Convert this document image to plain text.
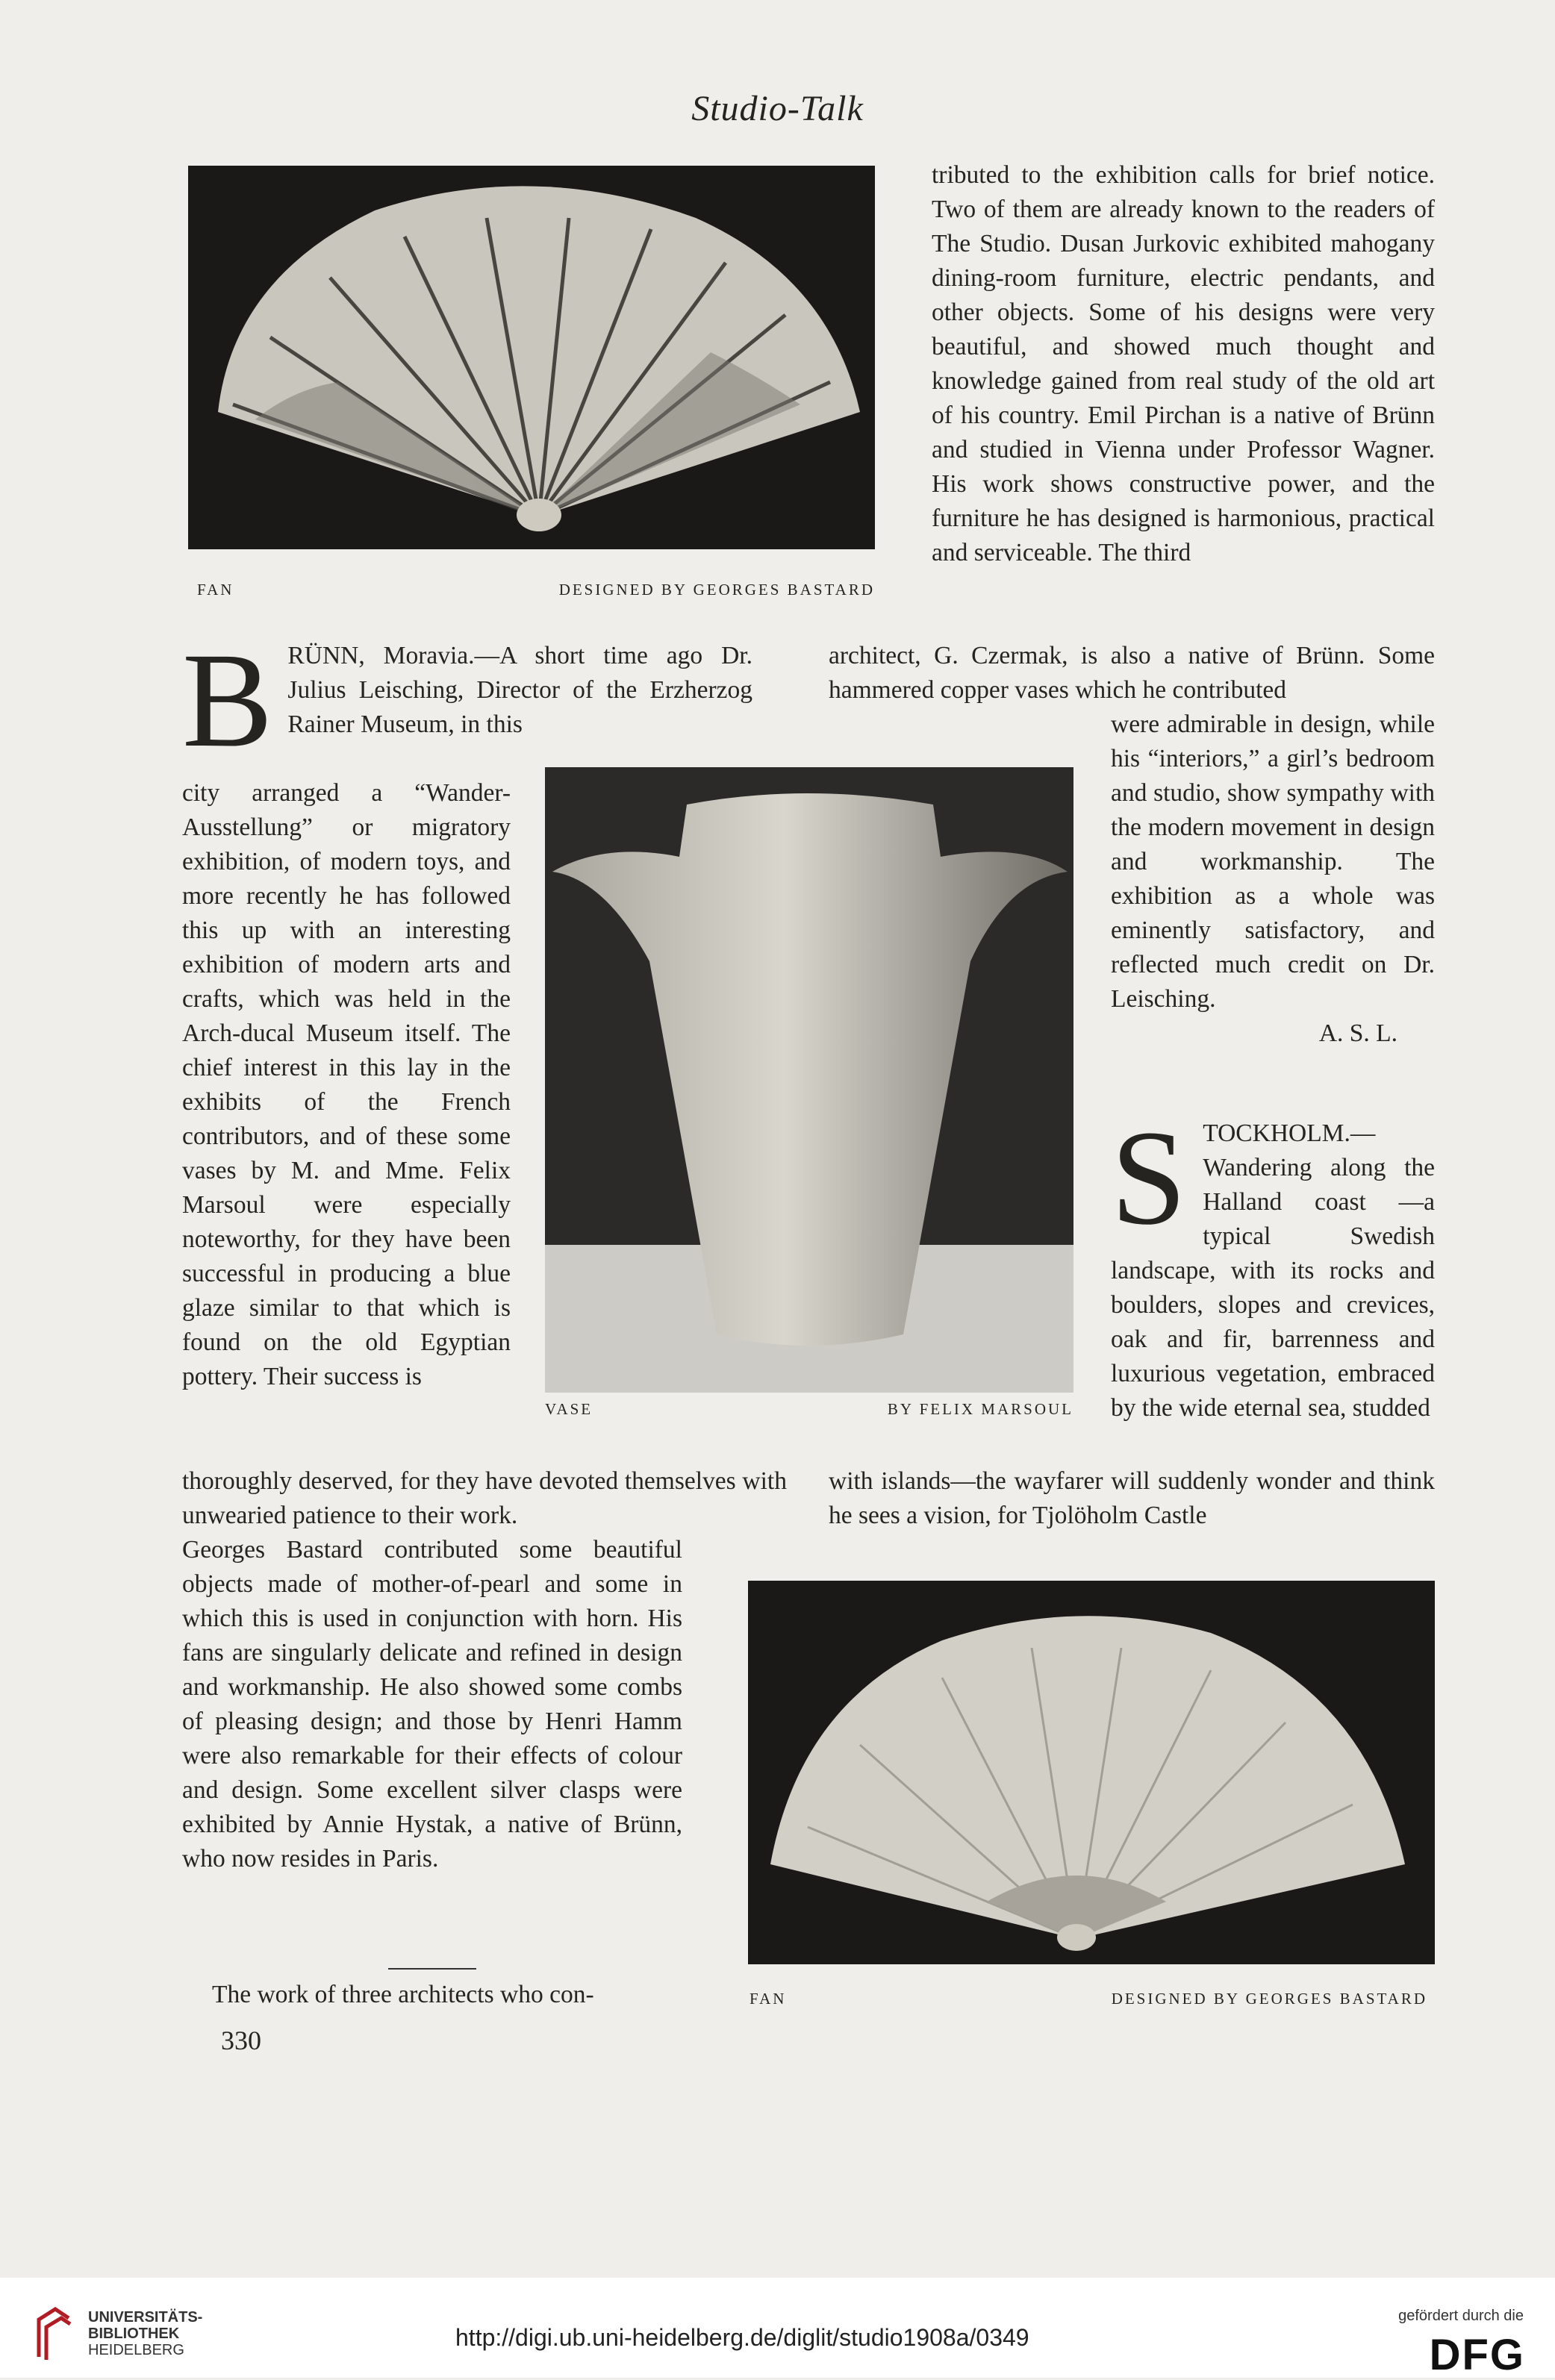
Studio-Talk
FAN	DESIGNED BY GEORGES BASTARD

tributed to the exhibition calls for brief notice. Two of them are already known to the readers of The Studio. Dusan Jurkovic exhibited mahogany dining-room furniture, electric pendants, and other objects. Some of his designs were very beautiful, and showed much thought and knowledge gained from real study of the old art of his country. Emil Pirchan is a native of Brünn and studied in Vienna under Professor Wagner. His work shows constructive power, and the furniture he has designed is harmonious, practical and serviceable. The third

architect, G. Czermak, is also a native of Brünn. Some hammered copper vases which he contributed

B RÜNN, Moravia.—A short time ago Dr. Julius Leisching, Director of the Erzherzog Rainer Museum, in this

city arranged a “Wander-Ausstellung” or migratory exhibition, of modern toys, and more recently he has followed this up with an interesting exhibition of modern arts and crafts, which was held in the Arch-ducal Museum itself. The chief interest in this lay in the exhibits of the French contributors, and of these some vases by M. and Mme. Felix Marsoul were especially noteworthy, for they have been successful in producing a blue glaze similar to that which is found on the old Egyptian pottery. Their success is

VASE	BY FELIX MARSOUL

were admirable in design, while his “interiors,” a girl’s bedroom and studio, show sympathy with the modern movement in design and workmanship. The exhibition as a whole was eminently satisfactory, and reflected much credit on Dr. Leisching.

A. S. L.

S TOCKHOLM.—Wandering along the Halland coast —a typical Swedish landscape, with its rocks and boulders, slopes and crevices, oak and fir, barrenness and luxurious vegetation, embraced by the wide eternal sea, studded

thoroughly deserved, for they have devoted themselves with unwearied patience to their work.

with islands—the wayfarer will suddenly wonder and think he sees a vision, for Tjolöholm Castle

Georges Bastard contributed some beautiful objects made of mother-of-pearl and some in which this is used in conjunction with horn. His fans are singularly delicate and refined in design and workmanship. He also showed some combs of pleasing design; and those by Henri Hamm were also remarkable for their effects of colour and design. Some excellent silver clasps were exhibited by Annie Hystak, a native of Brünn, who now resides in Paris.

The work of three architects who con-	FAN	DESIGNED BY GEORGES BASTARD
330
UNIVERSITÄTS-
BIBLIOTHEK
HEIDELBERG	http://digi.ub.uni-heidelberg.de/diglit/studio1908a/0349
gefördert durch die
DFG
